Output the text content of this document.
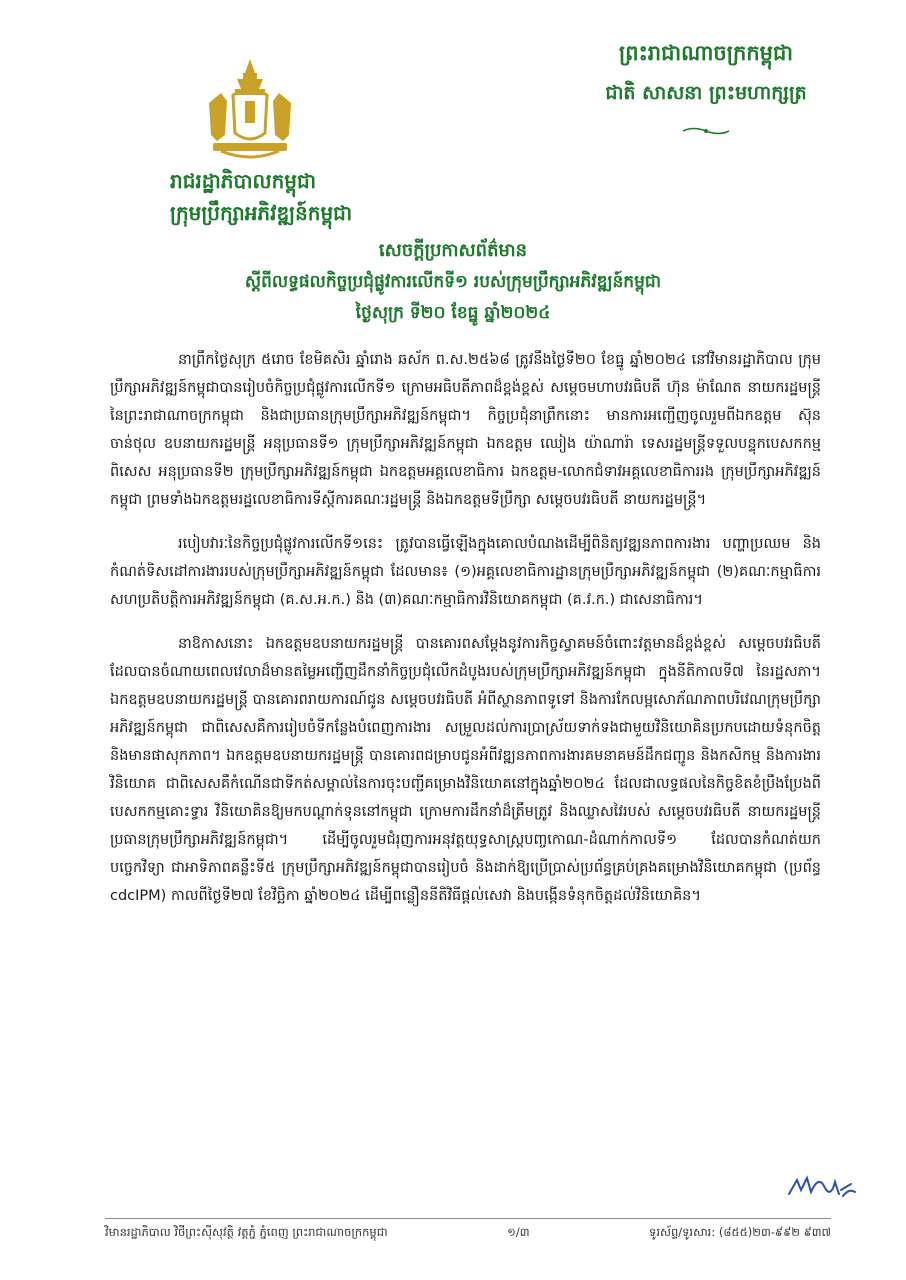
ព្រះរាជាណាចក្រកម្ពុជា
ជាតិ សាសនា ព្រះមហាក្សត្រ
រាជរដ្ឋាភិបាលកម្ពុជា
ក្រុមប្រឹក្សាអភិវឌ្ឍន៍កម្ពុជា
សេចក្តីប្រកាសព័ត៌មាន
ស្តីពីលទ្ធផលកិច្ចប្រជុំផ្លូវការលើកទី១ របស់ក្រុមប្រឹក្សាអភិវឌ្ឍន៍កម្ពុជា
ថ្ងៃសុក្រ ទី២០ ខែធ្នូ ឆ្នាំ២០២៤

នាព្រឹកថ្ងៃសុក្រ ៥រោច ខែមិគសិរ ឆ្នាំរោង ឆស័ក ព.ស.២៥៦៨ ត្រូវនឹងថ្ងៃទី២០ ខែធ្នូ ឆ្នាំ២០២៤ នៅវិមានរដ្ឋាភិបាល ក្រុមប្រឹក្សាអភិវឌ្ឍន៍កម្ពុជាបានរៀបចំកិច្ចប្រជុំផ្លូវការលើកទី១ ក្រោមអធិបតីភាពដ៏ខ្ពង់ខ្ពស់ សម្តេចមហាបវរធិបតី ហ៊ុន ម៉ាណែត នាយករដ្ឋមន្ត្រីនៃព្រះរាជាណាចក្រកម្ពុជា និងជាប្រធានក្រុមប្រឹក្សាអភិវឌ្ឍន៍កម្ពុជា។ កិច្ចប្រជុំនាព្រឹកនោះ មានការអញ្ជើញចូលរួមពីឯកឧត្តម ស៊ុន ចាន់ថុល ឧបនាយករដ្ឋមន្ត្រី អនុប្រធានទី១ ក្រុមប្រឹក្សាអភិវឌ្ឍន៍កម្ពុជា ឯកឧត្តម ឈៀង យ៉ាណារ៉ា ទេសរដ្ឋមន្ត្រីទទួលបន្ទុកបេសកកម្មពិសេស អនុប្រធានទី២ ក្រុមប្រឹក្សាអភិវឌ្ឍន៍កម្ពុជា ឯកឧត្តមអគ្គលេខាធិការ ឯកឧត្តម-លោកជំទាវអគ្គលេខាធិការរង ក្រុមប្រឹក្សាអភិវឌ្ឍន៍កម្ពុជា ព្រមទាំងឯកឧត្តមរដ្ឋលេខាធិការទីស្តីការគណៈរដ្ឋមន្ត្រី និងឯកឧត្តមទីប្រឹក្សា សម្តេចបវរធិបតី នាយករដ្ឋមន្ត្រី។

របៀបវារៈនៃកិច្ចប្រជុំផ្លូវការលើកទី១នេះ ត្រូវបានធ្វើឡើងក្នុងគោលបំណងដើម្បីពិនិត្យវឌ្ឍនភាពការងារ បញ្ហាប្រឈម និងកំណត់ទិសដៅការងាររបស់ក្រុមប្រឹក្សាអភិវឌ្ឍន៍កម្ពុជា ដែលមាន៖ (១)អគ្គលេខាធិការដ្ឋានក្រុមប្រឹក្សាអភិវឌ្ឍន៍កម្ពុជា (២)គណៈកម្មាធិការសហប្រតិបត្តិការអភិវឌ្ឍន៍កម្ពុជា (គ.ស.អ.ក.) និង (៣)គណៈកម្មាធិការវិនិយោគកម្ពុជា (គ.វ.ក.) ជាសេនាធិការ។

នាឱកាសនោះ ឯកឧត្តមឧបនាយករដ្ឋមន្ត្រី បានគោរពសម្តែងនូវការកិច្ចស្វាគមន៍ចំពោះវត្តមានដ៏ខ្ពង់ខ្ពស់ សម្តេចបវរធិបតី ដែលបានចំណាយពេលវេលាដ៏មានតម្លៃអញ្ជើញដឹកនាំកិច្ចប្រជុំលើកដំបូងរបស់ក្រុមប្រឹក្សាអភិវឌ្ឍន៍កម្ពុជា ក្នុងនីតិកាលទី៧ នៃរដ្ឋសភា។ ឯកឧត្តមឧបនាយករដ្ឋមន្ត្រី បានគោរពរាយការណ៍ជូន សម្តេចបវរធិបតី អំពីស្ថានភាពទូទៅ និងការកែលម្អសោភ័ណភាពបរិវេណក្រុមប្រឹក្សាអភិវឌ្ឍន៍កម្ពុជា ជាពិសេសគឺការរៀបចំទីកន្លែងបំពេញការងារ សម្រួលដល់ការប្រាស្រ័យទាក់ទងជាមួយវិនិយោគិនប្រកបដោយទំនុកចិត្ត និងមានផាសុកភាព។ ឯកឧត្តមឧបនាយករដ្ឋមន្ត្រី បានគោរពជម្រាបជូនអំពីវឌ្ឍនភាពការងារគមនាគមន៍ដឹកជញ្ជូន និងកសិកម្ម និងការងារវិនិយោគ ជាពិសេសគឺកំណើនជាទីកត់សម្គាល់នៃការចុះបញ្ជីគម្រោងវិនិយោគនៅក្នុងឆ្នាំ២០២៤ ដែលជាលទ្ធផលនៃកិច្ចខិតខំប្រឹងប្រែងពីបេសកកម្មគោះទ្វារ វិនិយោគិនឱ្យមកបណ្តាក់ទុននៅកម្ពុជា ក្រោមការដឹកនាំដ៏ត្រឹមត្រូវ និងឈ្លាសវៃរបស់ សម្តេចបវរធិបតី នាយករដ្ឋមន្ត្រី ប្រធានក្រុមប្រឹក្សាអភិវឌ្ឍន៍កម្ពុជា។ ដើម្បីចូលរួមជំរុញការអនុវត្តយុទ្ធសាស្ត្របញ្ចកោណ-ដំណាក់កាលទី១ ដែលបានកំណត់យក បច្ចេកវិទ្យា ជាអាទិភាពគន្លឹះទី៥ ក្រុមប្រឹក្សាអភិវឌ្ឍន៍កម្ពុជាបានរៀបចំ និងដាក់ឱ្យប្រើប្រាស់ប្រព័ន្ធគ្រប់គ្រងគម្រោងវិនិយោគកម្ពុជា (ប្រព័ន្ធ cdcIPM) កាលពីថ្ងៃទី២៧ ខែវិច្ឆិកា ឆ្នាំ២០២៤ ដើម្បីពន្លឿននីតិវិធីផ្តល់សេវា និងបង្កើនទំនុកចិត្តដល់វិនិយោគិន។

វិមានរដ្ឋាភិបាល វិថីព្រះស៊ីសុវត្ថិ វត្តភ្នំ ភ្នំពេញ ព្រះរាជាណាចក្រកម្ពុជា	១/៣	ទូរស័ព្ទ/ទូរសារ: (៨៥៥)២៣-៩៩២ ៩៣៧
